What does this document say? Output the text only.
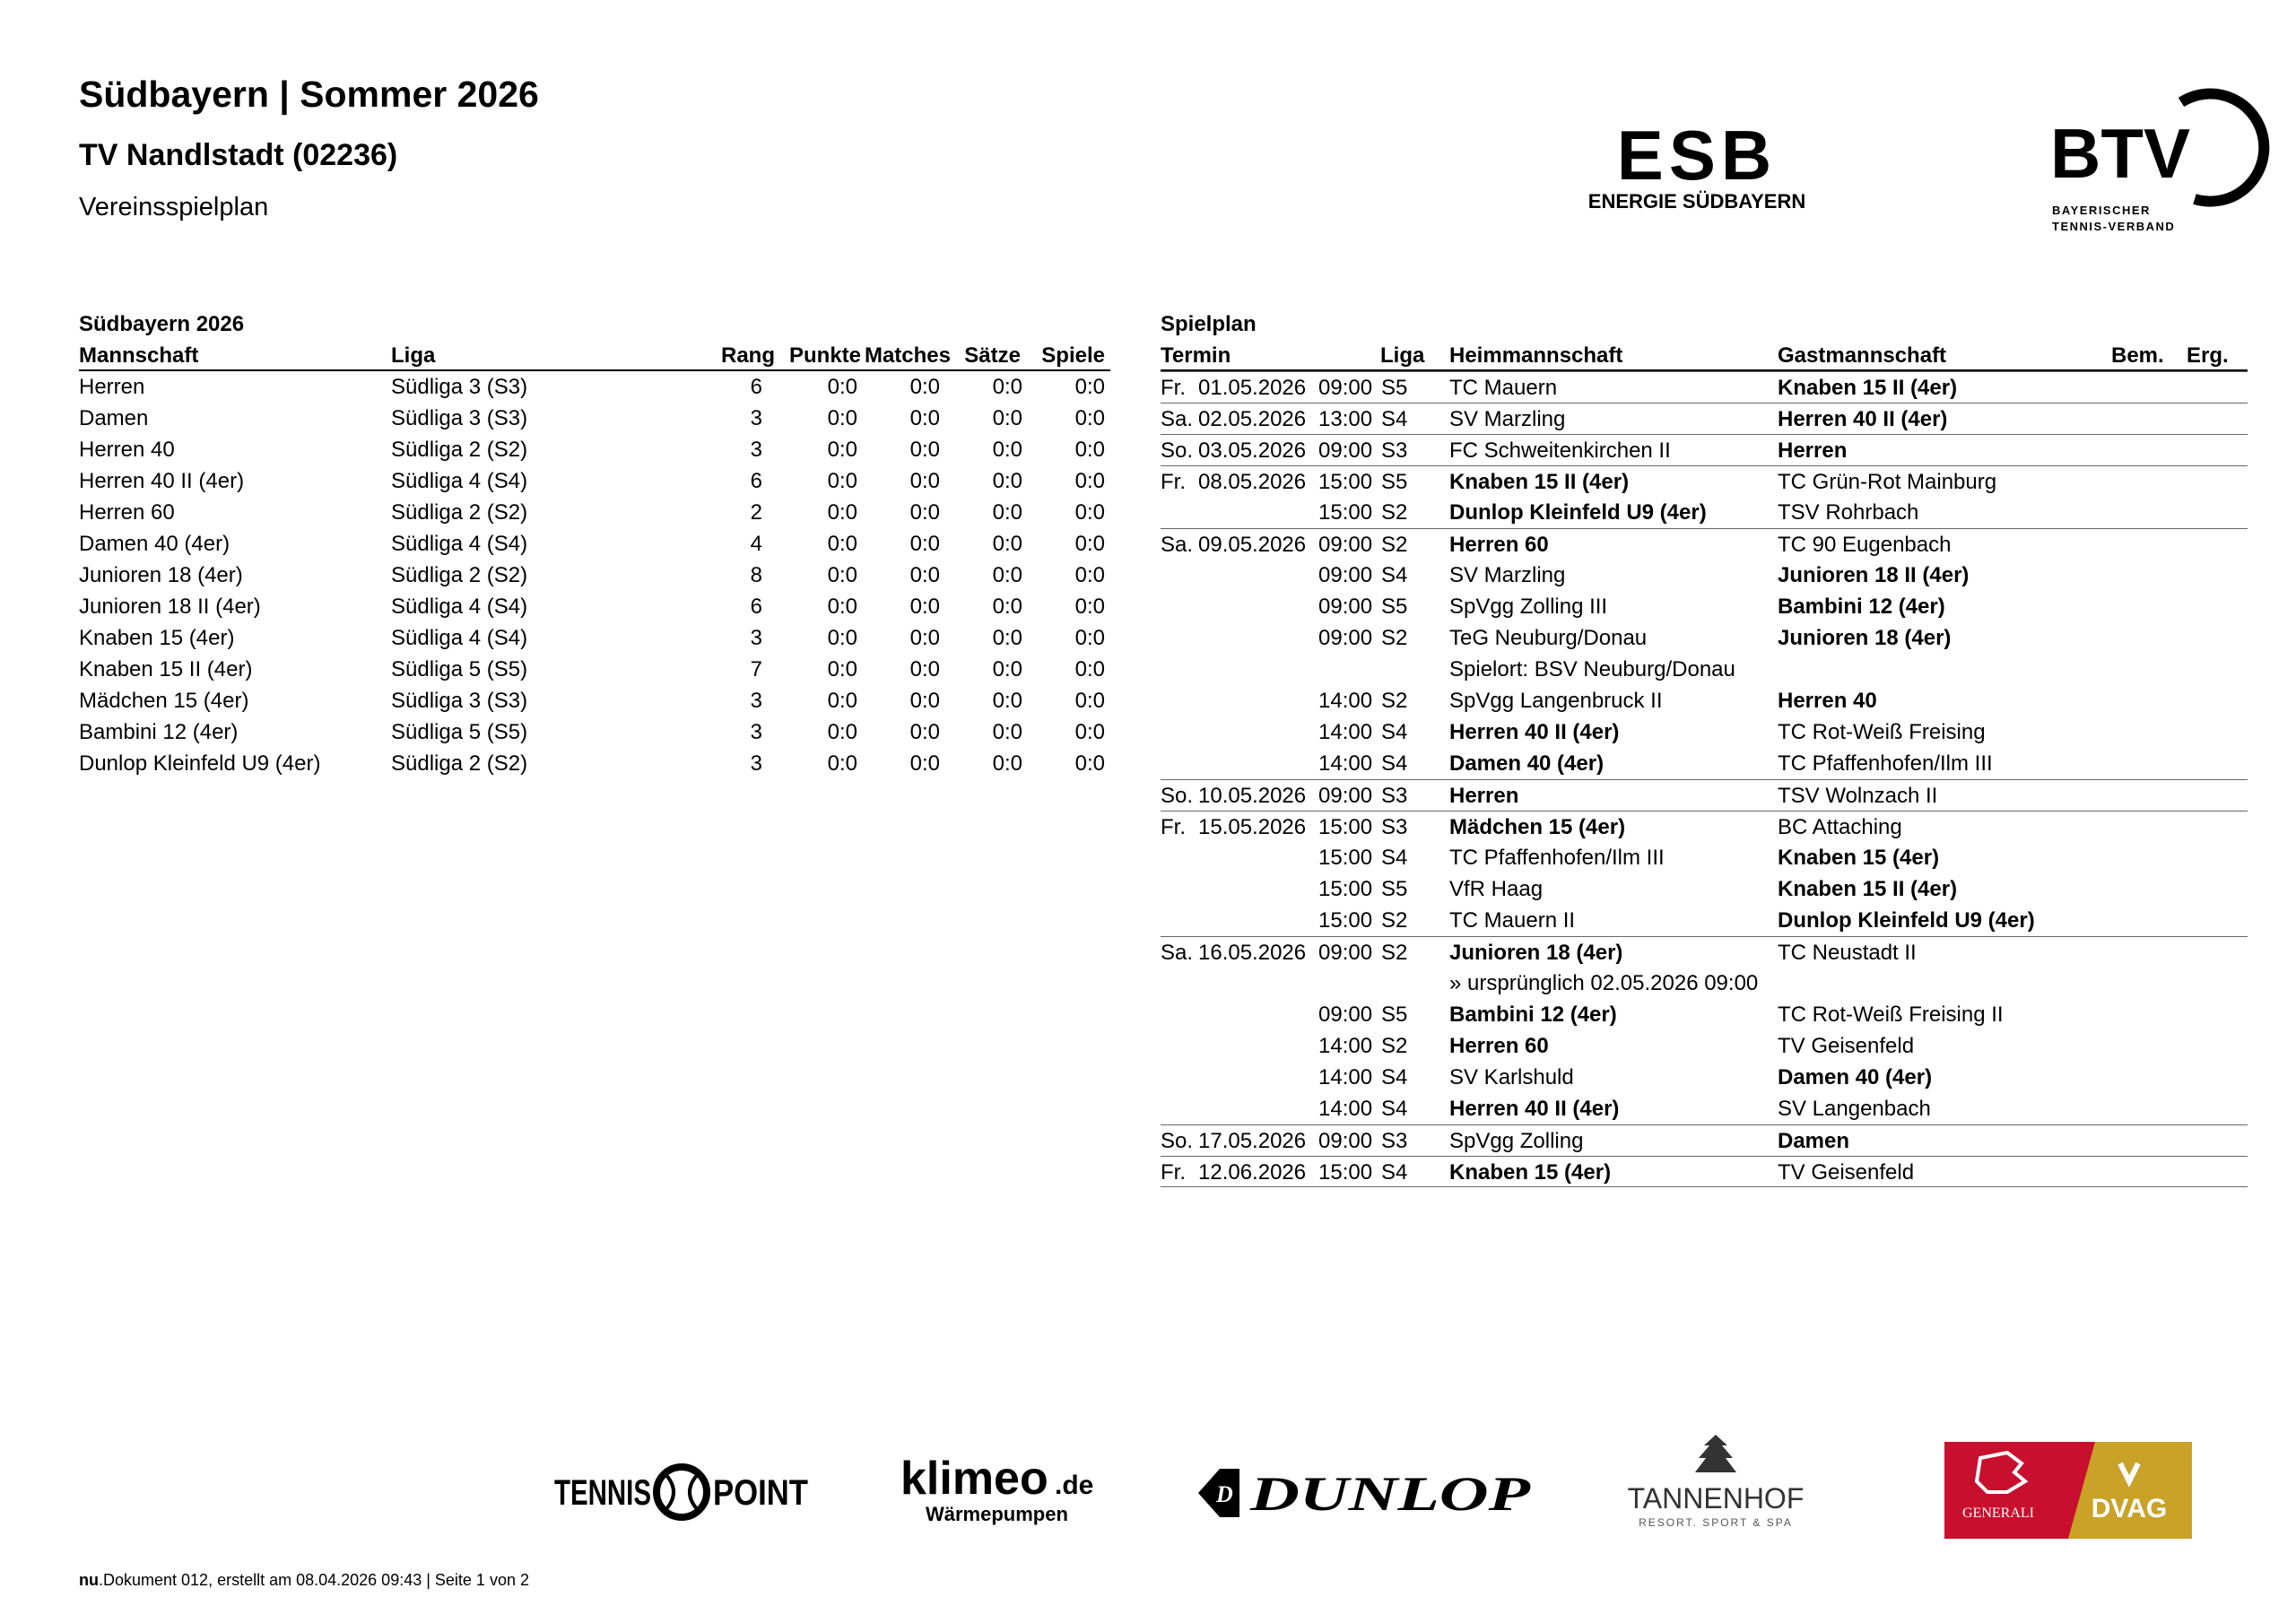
Südbayern | Sommer 2026
TV Nandlstadt (02236)
Vereinsspielplan
ESB
ENERGIE SÜDBAYERN
BTV
BAYERISCHER
TENNIS-VERBAND
Südbayern 2026
Mannschaft	Liga	Rang Punkte Matches Sätze Spiele
Herren	Südliga 3 (S3)	6	0:0 0:0 0:0 0:0
Damen	Südliga 3 (S3)	3	0:0 0:0 0:0 0:0
Herren 40	Südliga 2 (S2)	3	0:0 0:0 0:0 0:0
Herren 40 II (4er)	Südliga 4 (S4)	6	0:0 0:0 0:0 0:0
Herren 60	Südliga 2 (S2)	2	0:0 0:0 0:0 0:0
Damen 40 (4er)	Südliga 4 (S4)	4	0:0 0:0 0:0 0:0
Junioren 18 (4er)	Südliga 2 (S2)	8	0:0 0:0 0:0 0:0
Junioren 18 II (4er)	Südliga 4 (S4)	6	0:0 0:0 0:0 0:0
Knaben 15 (4er)	Südliga 4 (S4)	3	0:0 0:0 0:0 0:0
Knaben 15 II (4er)	Südliga 5 (S5)	7	0:0 0:0 0:0 0:0
Mädchen 15 (4er)	Südliga 3 (S3)	3	0:0 0:0 0:0 0:0
Bambini 12 (4er)	Südliga 5 (S5)	3	0:0 0:0 0:0 0:0
Dunlop Kleinfeld U9 (4er)	Südliga 2 (S2)	3	0:0 0:0 0:0 0:0
Spielplan
Termin	Liga Heimmannschaft	Gastmannschaft	Bem. Erg.
Fr. 01.05.2026 09:00 S5 TC Mauern	Knaben 15 II (4er)
Sa. 02.05.2026 13:00 S4 SV Marzling	Herren 40 II (4er)
So. 03.05.2026 09:00 S3 FC Schweitenkirchen II	Herren
Fr. 08.05.2026 15:00 S5 Knaben 15 II (4er)	TC Grün-Rot Mainburg
15:00 S2 Dunlop Kleinfeld U9 (4er)	TSV Rohrbach
Sa. 09.05.2026 09:00 S2 Herren 60	TC 90 Eugenbach
09:00 S4 SV Marzling	Junioren 18 II (4er)
09:00 S5 SpVgg Zolling III	Bambini 12 (4er)
09:00 S2 TeG Neuburg/Donau	Junioren 18 (4er)
Spielort: BSV Neuburg/Donau
14:00 S2 SpVgg Langenbruck II	Herren 40
14:00 S4 Herren 40 II (4er)	TC Rot-Weiß Freising
14:00 S4 Damen 40 (4er)	TC Pfaffenhofen/Ilm III
So. 10.05.2026 09:00 S3 Herren	TSV Wolnzach II
Fr. 15.05.2026 15:00 S3 Mädchen 15 (4er)	BC Attaching
15:00 S4 TC Pfaffenhofen/Ilm III	Knaben 15 (4er)
15:00 S5 VfR Haag	Knaben 15 II (4er)
15:00 S2 TC Mauern II	Dunlop Kleinfeld U9 (4er)
Sa. 16.05.2026 09:00 S2 Junioren 18 (4er)	TC Neustadt II
» ursprünglich 02.05.2026 09:00
09:00 S5 Bambini 12 (4er)	TC Rot-Weiß Freising II
14:00 S2 Herren 60	TV Geisenfeld
14:00 S4 SV Karlshuld	Damen 40 (4er)
14:00 S4 Herren 40 II (4er)	SV Langenbach
So. 17.05.2026 09:00 S3 SpVgg Zolling	Damen
Fr. 12.06.2026 15:00 S4 Knaben 15 (4er)	TV Geisenfeld
TENNIS POINT klimeo .de
Wärmepumpen
D DUNLOP	TANNENHOF
RESORT. SPORT & SPA
GENERALI DVAG
nu.Dokument 012, erstellt am 08.04.2026 09:43 | Seite 1 von 2
